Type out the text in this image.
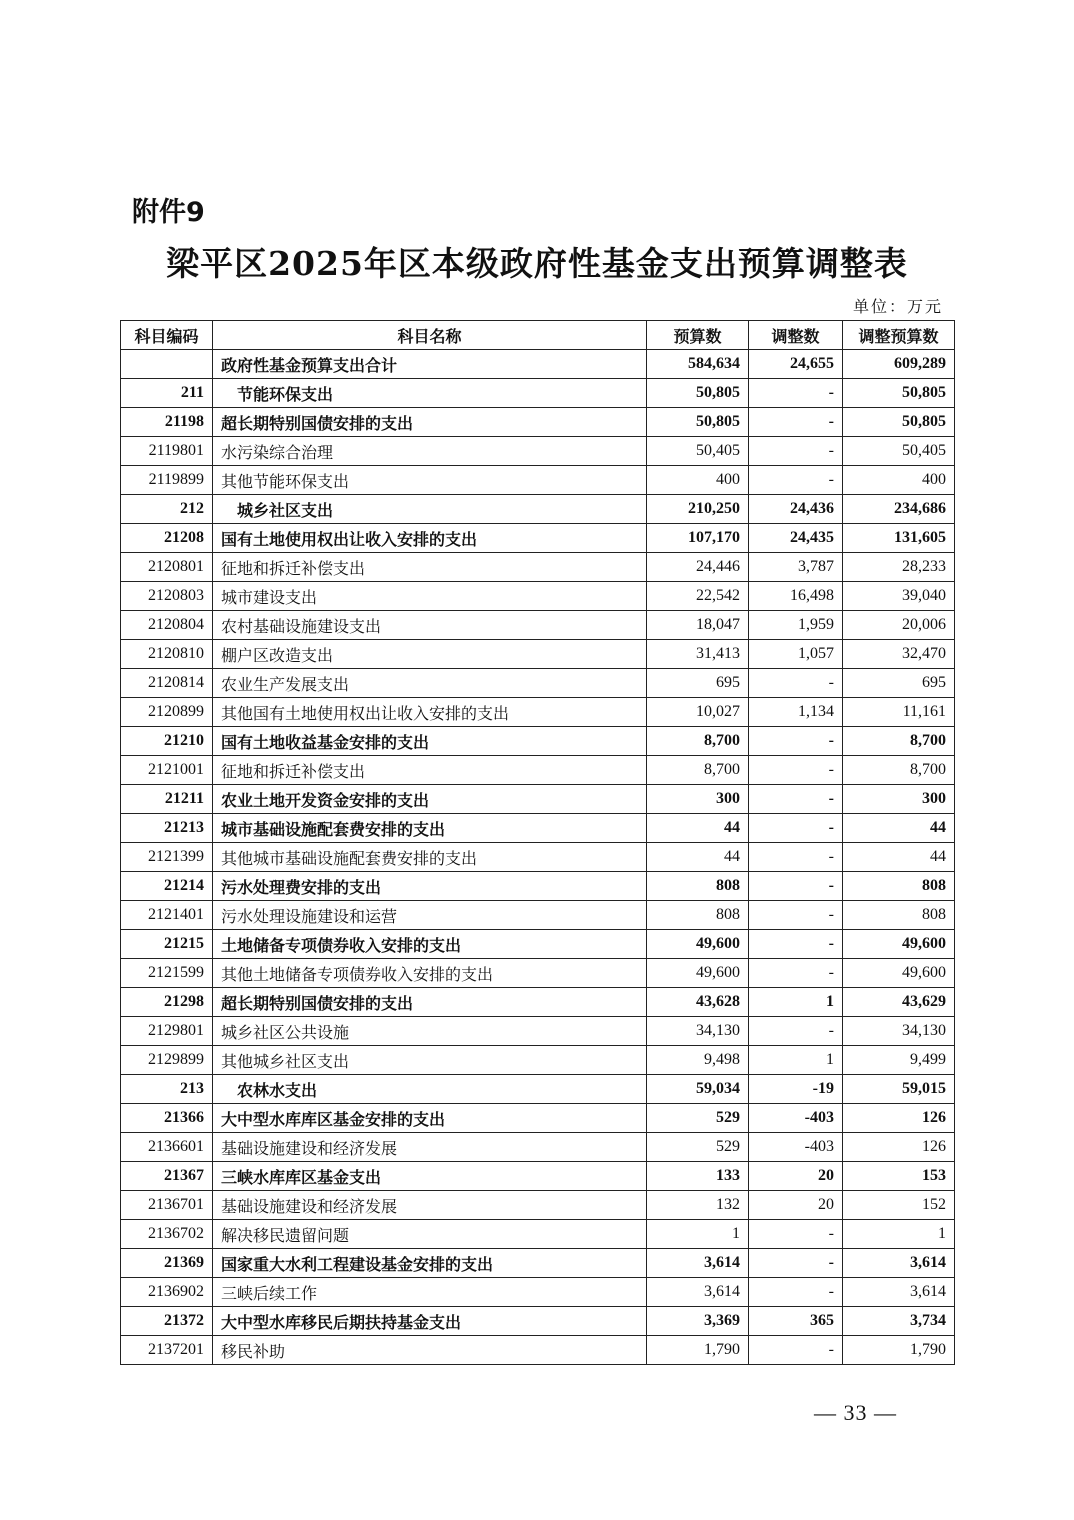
附件9
梁平区2025年区本级政府性基金支出预算调整表
单位：万元
科目编码	科目名称	预算数	调整数	调整预算数
	政府性基金预算支出合计	584,634	24,655	609,289
211	节能环保支出	50,805	-	50,805
21198	超长期特别国债安排的支出	50,805	-	50,805
2119801	水污染综合治理	50,405	-	50,405
2119899	其他节能环保支出	400	-	400
212	城乡社区支出	210,250	24,436	234,686
21208	国有土地使用权出让收入安排的支出	107,170	24,435	131,605
2120801	征地和拆迁补偿支出	24,446	3,787	28,233
2120803	城市建设支出	22,542	16,498	39,040
2120804	农村基础设施建设支出	18,047	1,959	20,006
2120810	棚户区改造支出	31,413	1,057	32,470
2120814	农业生产发展支出	695	-	695
2120899	其他国有土地使用权出让收入安排的支出	10,027	1,134	11,161
21210	国有土地收益基金安排的支出	8,700	-	8,700
2121001	征地和拆迁补偿支出	8,700	-	8,700
21211	农业土地开发资金安排的支出	300	-	300
21213	城市基础设施配套费安排的支出	44	-	44
2121399	其他城市基础设施配套费安排的支出	44	-	44
21214	污水处理费安排的支出	808	-	808
2121401	污水处理设施建设和运营	808	-	808
21215	土地储备专项债券收入安排的支出	49,600	-	49,600
2121599	其他土地储备专项债券收入安排的支出	49,600	-	49,600
21298	超长期特别国债安排的支出	43,628	1	43,629
2129801	城乡社区公共设施	34,130	-	34,130
2129899	其他城乡社区支出	9,498	1	9,499
213	农林水支出	59,034	-19	59,015
21366	大中型水库库区基金安排的支出	529	-403	126
2136601	基础设施建设和经济发展	529	-403	126
21367	三峡水库库区基金支出	133	20	153
2136701	基础设施建设和经济发展	132	20	152
2136702	解决移民遗留问题	1	-	1
21369	国家重大水利工程建设基金安排的支出	3,614	-	3,614
2136902	三峡后续工作	3,614	-	3,614
21372	大中型水库移民后期扶持基金支出	3,369	365	3,734
2137201	移民补助	1,790	-	1,790
— 33 —
